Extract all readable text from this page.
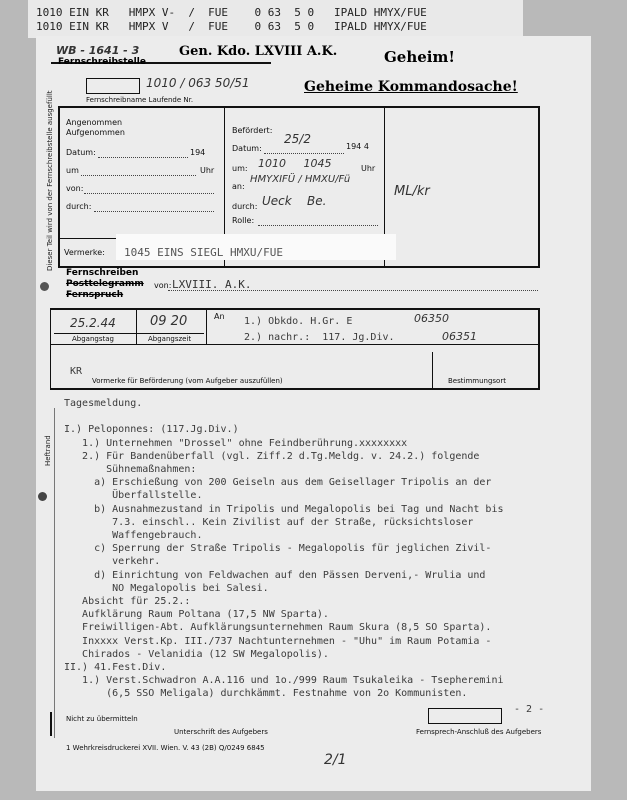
1010 EIN KR   HMPX V-  /  FUE    0 63  5 0   IPALD HMYX/FUE
1010 EIN KR   HMPX V   /  FUE    0 63  5 0   IPALD HMYX/FUE
WB - 1641 - 3	Gen. Kdo. LXVIII A.K.	Geheim!
Geheime Kommandosache!
Fernschreibstelle
1010 / 063 50/51
Fernschreibname Laufende Nr.
Dieser Teil wird von der Fernschreibstelle ausgefüllt Angenommen
Aufgenommen
Datum:	194
um	Uhr
von:
durch:
Befördert:
Datum:
25/2
194 4
um: 1010     1045	Uhr
an:
HMYXIFÜ / HMXU/Fü
durch: Ueck    Be.
Rolle:
ML/kr
Vermerke: 1045 EINS SIEGL HMXU/FUE
Fernschreiben
Posttelegramm
Fernspruch
von: LXVIII. A.K.
25.2.44	09 20
Abgangstag	Abgangszeit
An 1.) Obkdo. H.Gr. E	06350
2.) nachr.:  117. Jg.Div.	06351
KR
Vormerke für Beförderung (vom Aufgeber auszufüllen)	Bestimmungsort
Heftrand
Tagesmeldung.
I.) Peloponnes: (117.Jg.Div.)
1.) Unternehmen "Drossel" ohne Feindberührung.xxxxxxxx
2.) Für Bandenüberfall (vgl. Ziff.2 d.Tg.Meldg. v. 24.2.) folgende
Sühnemaßnahmen:
a) Erschießung von 200 Geiseln aus dem Geisellager Tripolis an der
Überfallstelle.
b) Ausnahmezustand in Tripolis und Megalopolis bei Tag und Nacht bis
7.3. einschl.. Kein Zivilist auf der Straße, rücksichtsloser
Waffengebrauch.
c) Sperrung der Straße Tripolis - Megalopolis für jeglichen Zivil-
verkehr.
d) Einrichtung von Feldwachen auf den Pässen Derveni,- Wrulia und
NO Megalopolis bei Salesi.
Absicht für 25.2.:
Aufklärung Raum Poltana (17,5 NW Sparta).
Freiwilligen-Abt. Aufklärungsunternehmen Raum Skura (8,5 SO Sparta).
Inxxxx Verst.Kp. III./737 Nachtunternehmen - "Uhu" im Raum Potamia -
Chirados - Velanidia (12 SW Megalopolis).
II.) 41.Fest.Div.
1.) Verst.Schwadron A.A.116 und 1o./999 Raum Tsukaleika - Tsepheremini
(6,5 SSO Meligala) durchkämmt. Festnahme von 2o Kommunisten.
- 2 -
Nicht zu übermitteln
Unterschrift des Aufgebers	Fernsprech-Anschluß des Aufgebers
1 Wehrkreisdruckerei XVII. Wien. V. 43 (2B) Q/0249 6845
2/1
